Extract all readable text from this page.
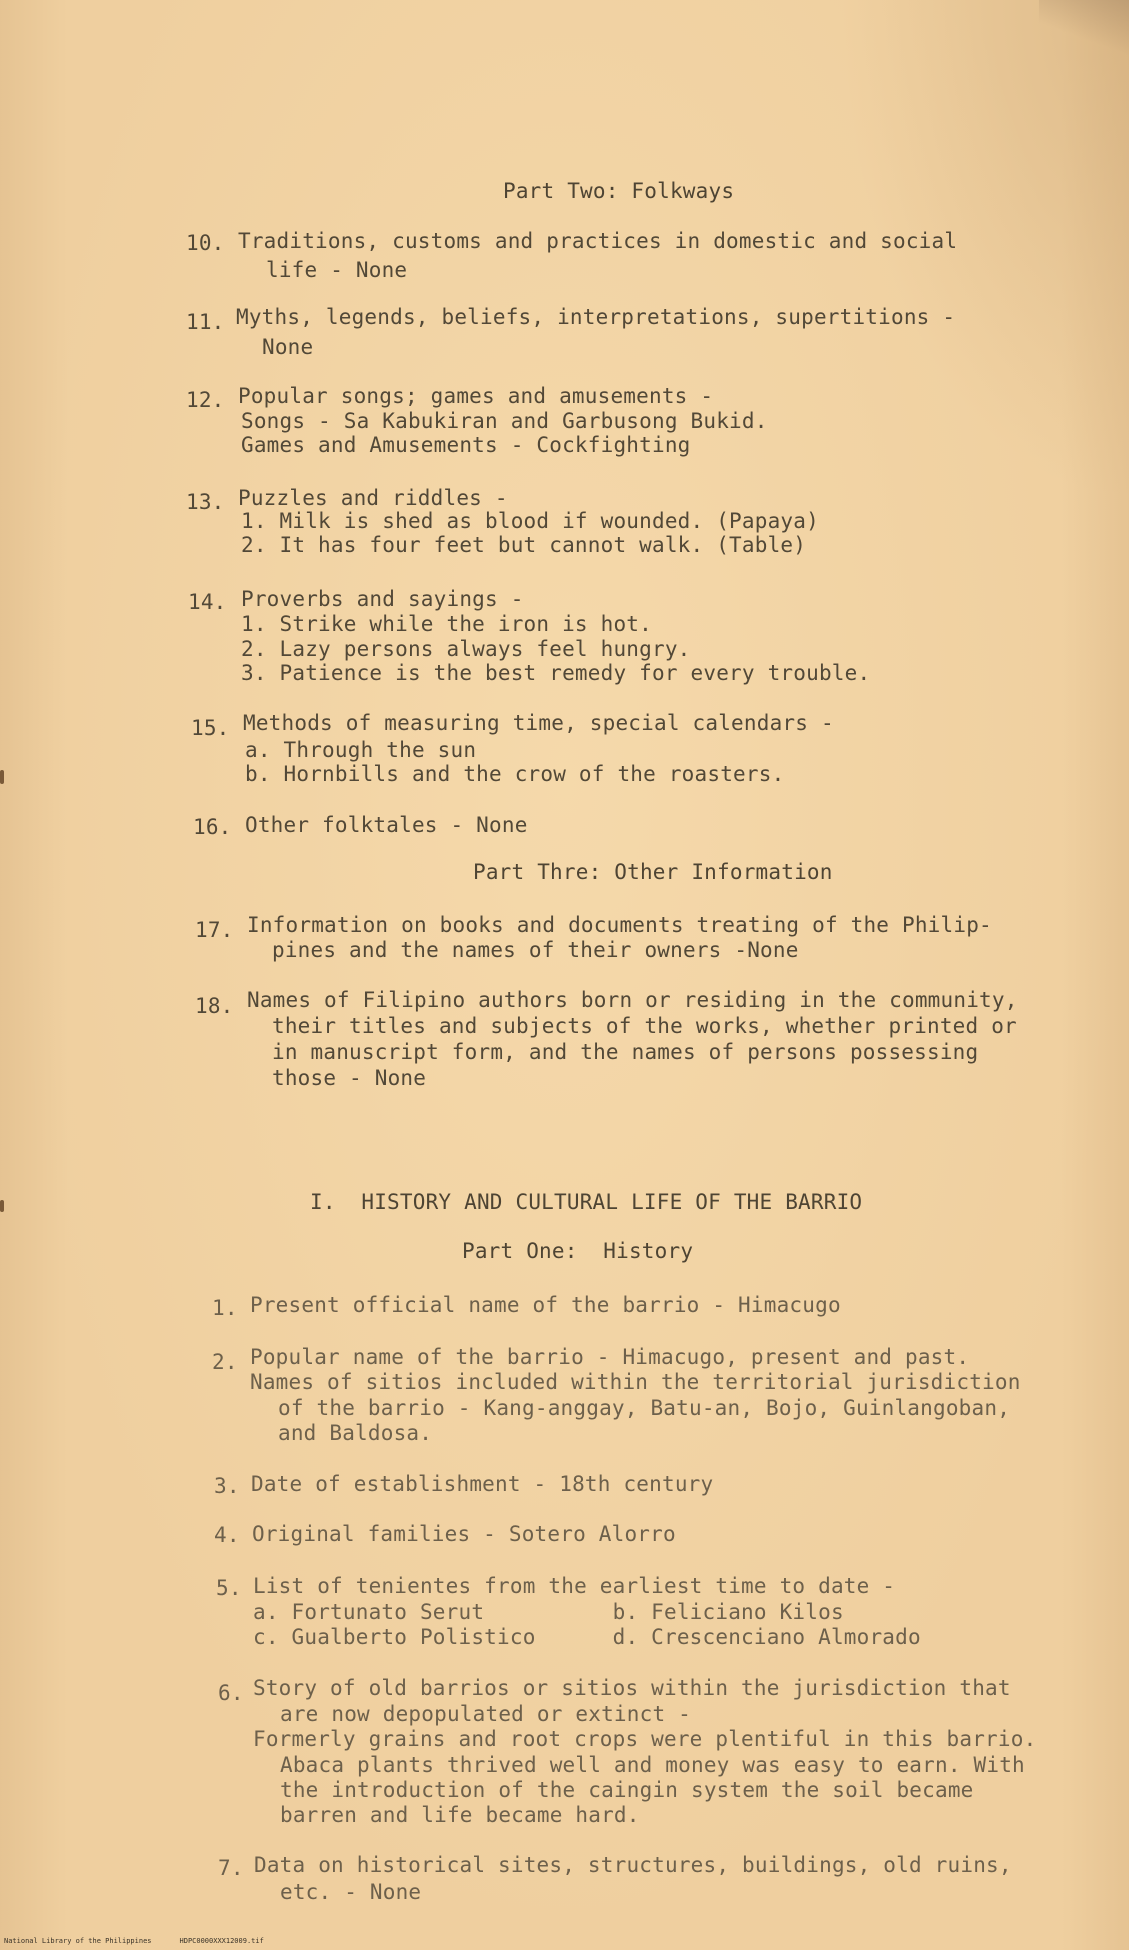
Part Two: Folkways
10. Traditions, customs and practices in domestic and social
life - None
11. Myths, legends, beliefs, interpretations, supertitions -
None
12. Popular songs; games and amusements -
Songs - Sa Kabukiran and Garbusong Bukid.
Games and Amusements - Cockfighting
13. Puzzles and riddles -
1. Milk is shed as blood if wounded. (Papaya)
2. It has four feet but cannot walk. (Table)
14. Proverbs and sayings -
1. Strike while the iron is hot.
2. Lazy persons always feel hungry.
3. Patience is the best remedy for every trouble.
15. Methods of measuring time, special calendars -
a. Through the sun
b. Hornbills and the crow of the roasters.
16. Other folktales - None
Part Thre: Other Information
17. Information on books and documents treating of the Philip-
pines and the names of their owners -None
18. Names of Filipino authors born or residing in the community,
their titles and subjects of the works, whether printed or
in manuscript form, and the names of persons possessing
those - None
I.  HISTORY AND CULTURAL LIFE OF THE BARRIO
Part One:  History
1. Present official name of the barrio - Himacugo
2. Popular name of the barrio - Himacugo, present and past.
Names of sitios included within the territorial jurisdiction
of the barrio - Kang-anggay, Batu-an, Bojo, Guinlangoban,
and Baldosa.
3. Date of establishment - 18th century
4. Original families - Sotero Alorro
5. List of tenientes from the earliest time to date -
a. Fortunato Serut          b. Feliciano Kilos
c. Gualberto Polistico      d. Crescenciano Almorado
6. Story of old barrios or sitios within the jurisdiction that
are now depopulated or extinct -
Formerly grains and root crops were plentiful in this barrio.
Abaca plants thrived well and money was easy to earn. With
the introduction of the caingin system the soil became
barren and life became hard.
7. Data on historical sites, structures, buildings, old ruins,
etc. - None
National Library of the Philippines	HDPC0000XXX12009.tif
